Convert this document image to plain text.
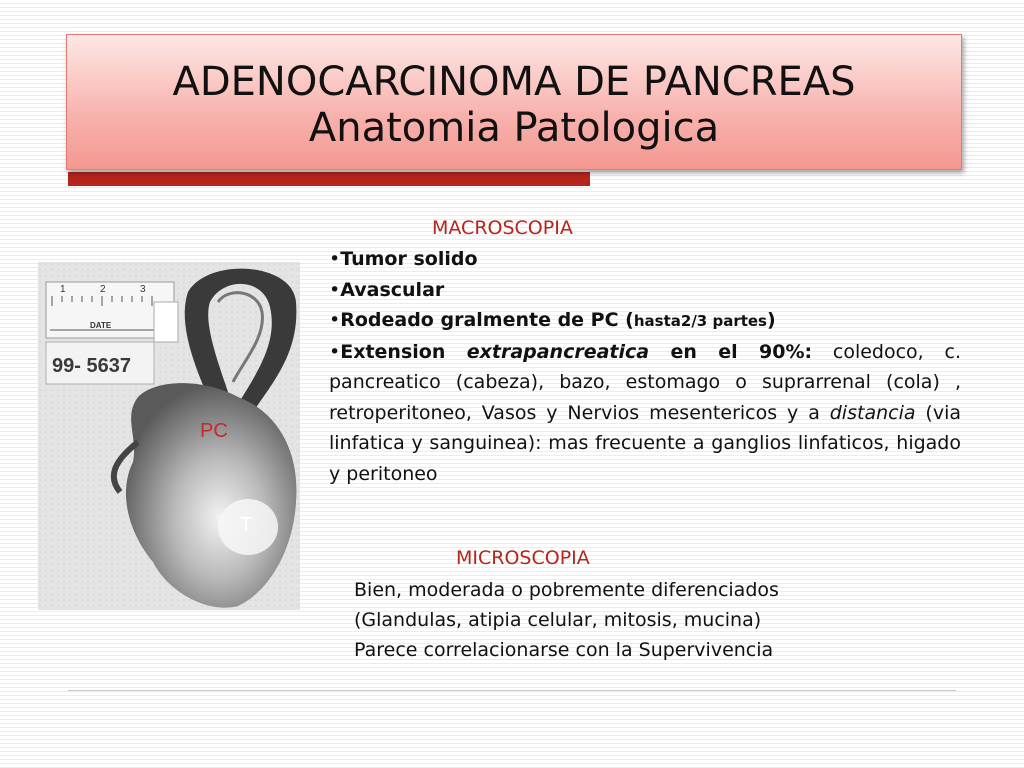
ADENOCARCINOMA DE PANCREAS
Anatomia Patologica
1	2	3
DATE
99- 5637
PC
T
MACROSCOPIA
•Tumor solido
•Avascular
•Rodeado gralmente de PC (hasta2/3 partes)
•Extension extrapancreatica en el 90%: coledoco, c. pancreatico (cabeza), bazo, estomago o suprarrenal (cola) , retroperitoneo, Vasos y Nervios mesentericos y a distancia (via linfatica y sanguinea): mas frecuente a ganglios linfaticos, higado y peritoneo
MICROSCOPIA
Bien, moderada o pobremente diferenciados
(Glandulas, atipia celular, mitosis, mucina)
Parece correlacionarse con la Supervivencia
